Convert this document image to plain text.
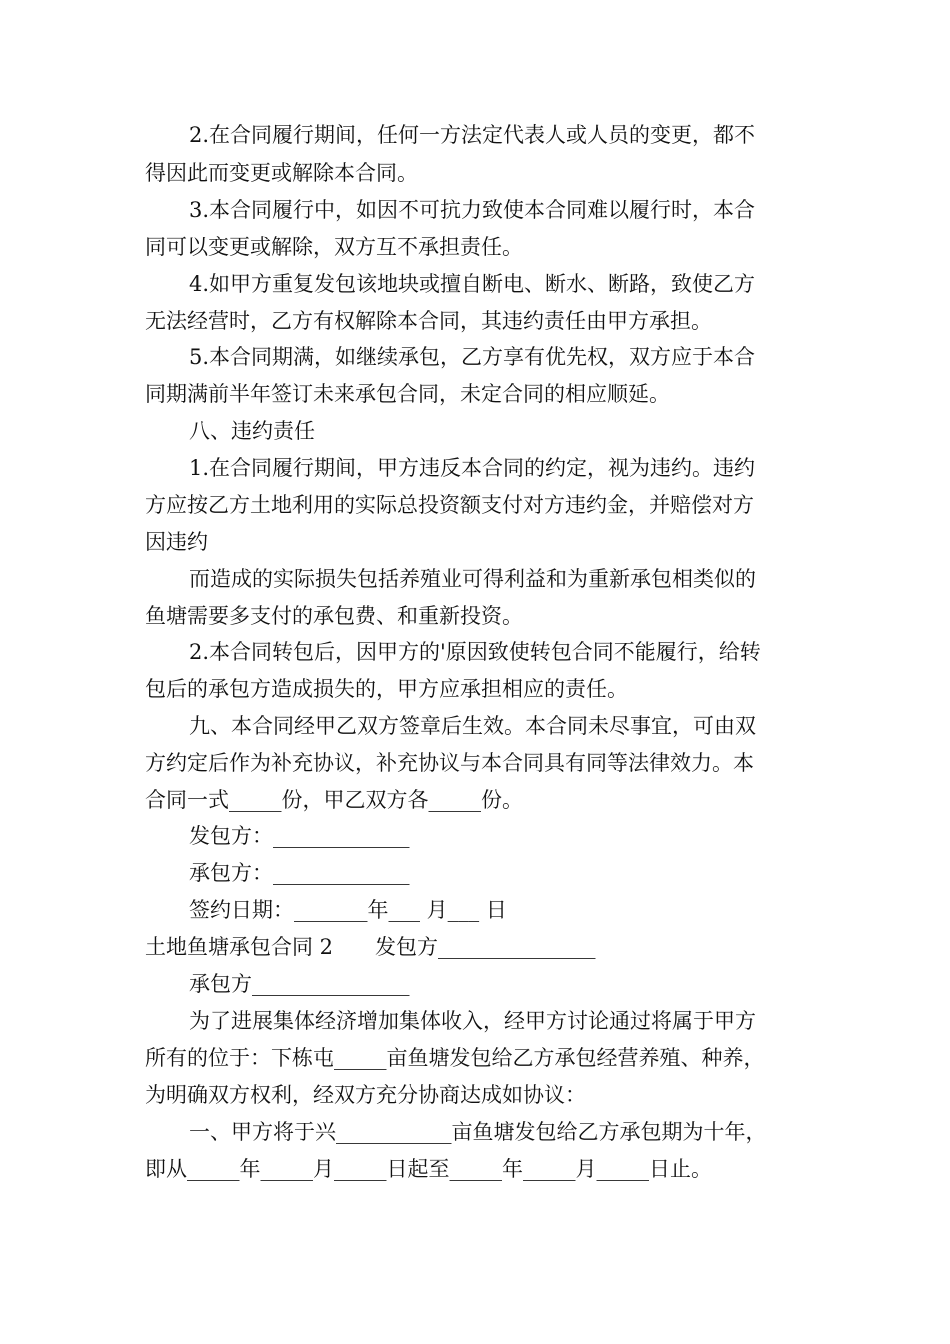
2.在合同履行期间，任何一方法定代表人或人员的变更，都不
得因此而变更或解除本合同。
3.本合同履行中，如因不可抗力致使本合同难以履行时，本合
同可以变更或解除，双方互不承担责任。
4.如甲方重复发包该地块或擅自断电、断水、断路，致使乙方
无法经营时，乙方有权解除本合同，其违约责任由甲方承担。
5.本合同期满，如继续承包，乙方享有优先权，双方应于本合
同期满前半年签订未来承包合同，未定合同的相应顺延。
八、违约责任
1.在合同履行期间，甲方违反本合同的约定，视为违约。违约
方应按乙方土地利用的实际总投资额支付对方违约金，并赔偿对方
因违约
而造成的实际损失包括养殖业可得利益和为重新承包相类似的
鱼塘需要多支付的承包费、和重新投资。
2.本合同转包后，因甲方的'原因致使转包合同不能履行，给转
包后的承包方造成损失的，甲方应承担相应的责任。
九、本合同经甲乙双方签章后生效。本合同未尽事宜，可由双
方约定后作为补充协议，补充协议与本合同具有同等法律效力。本
合同一式_____份，甲乙双方各_____份。
发包方：_____________
承包方：_____________
签约日期：_______年___ 月___ 日
土地鱼塘承包合同 2　　发包方_______________
承包方_______________
为了进展集体经济增加集体收入，经甲方讨论通过将属于甲方
所有的位于：下栋屯_____亩鱼塘发包给乙方承包经营养殖、种养，
为明确双方权利，经双方充分协商达成如协议：
一、甲方将于兴___________亩鱼塘发包给乙方承包期为十年，
即从_____年_____月_____日起至_____年_____月_____日止。
